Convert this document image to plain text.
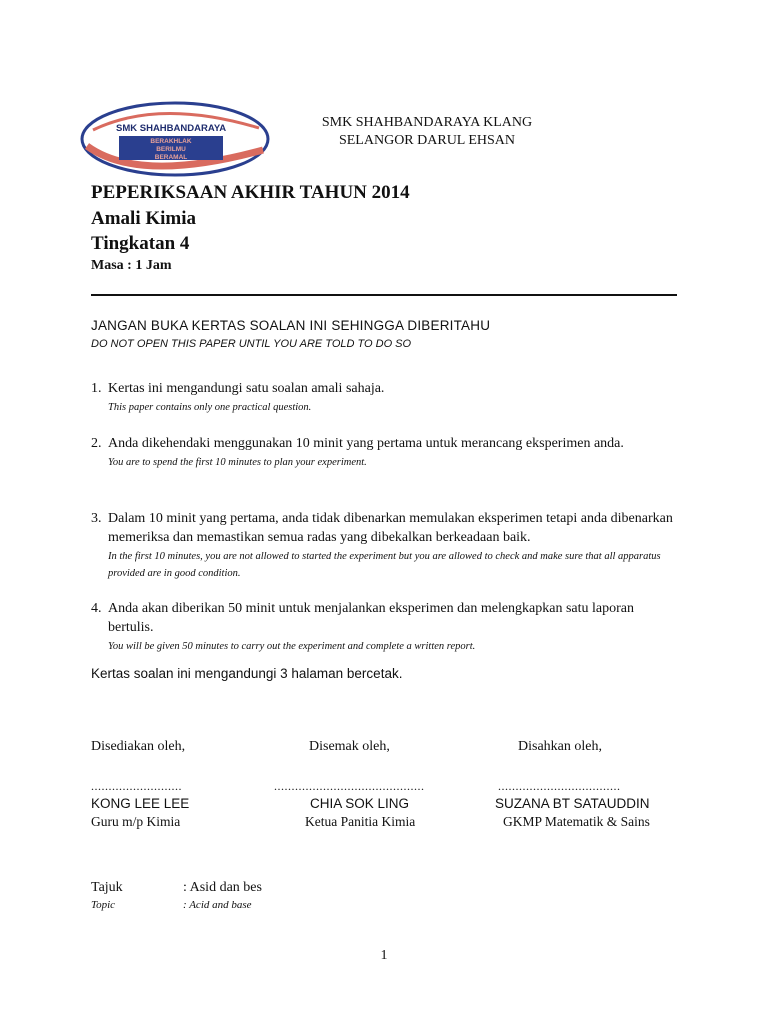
SMK SHAHBANDARAYA
BERAKHLAK
BERILMU
BERAMAL
SMK SHAHBANDARAYA KLANG
SELANGOR DARUL EHSAN
PEPERIKSAAN AKHIR TAHUN 2014
Amali Kimia
Tingkatan 4
Masa : 1 Jam
JANGAN BUKA KERTAS SOALAN INI SEHINGGA DIBERITAHU
DO NOT OPEN THIS PAPER UNTIL YOU ARE TOLD TO DO SO
1. Kertas ini mengandungi satu soalan amali sahaja.
This paper contains only one practical question.
2. Anda dikehendaki menggunakan 10 minit yang pertama untuk merancang eksperimen anda.
You are to spend the first 10 minutes to plan your experiment.
3. Dalam 10 minit yang pertama, anda tidak dibenarkan memulakan eksperimen tetapi anda dibenarkan memeriksa dan memastikan semua radas yang dibekalkan berkeadaan baik.
In the first 10 minutes, you are not allowed to started the experiment but you are allowed to check and make sure that all apparatus provided are in good condition.
4. Anda akan diberikan 50 minit untuk menjalankan eksperimen dan melengkapkan satu laporan bertulis.
You will be given 50 minutes to carry out the experiment and complete a written report.
Kertas soalan ini mengandungi 3 halaman bercetak.
Disediakan oleh,	Disemak oleh,	Disahkan oleh,
..........................	...........................................	...................................
KONG LEE LEE	CHIA SOK LING	SUZANA BT SATAUDDIN
Guru m/p Kimia	Ketua Panitia Kimia	GKMP Matematik & Sains
Tajuk	: Asid dan bes
Topic	: Acid and base
1
